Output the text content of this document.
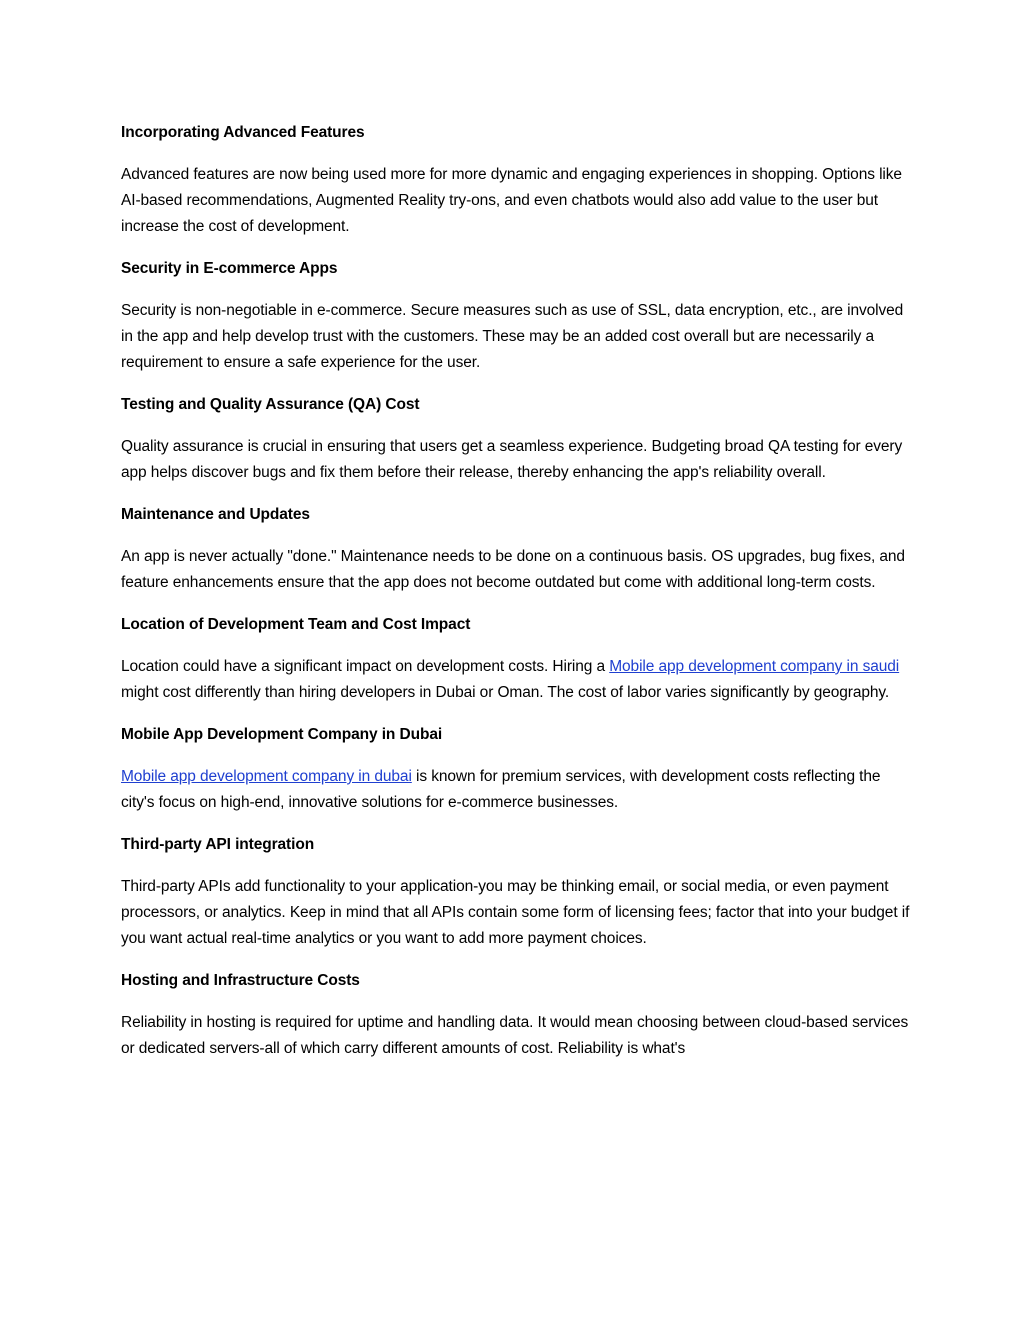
Incorporating Advanced Features

Advanced features are now being used more for more dynamic and engaging experiences in shopping. Options like AI-based recommendations, Augmented Reality try-ons, and even chatbots would also add value to the user but increase the cost of development.

Security in E-commerce Apps

Security is non-negotiable in e-commerce. Secure measures such as use of SSL, data encryption, etc., are involved in the app and help develop trust with the customers. These may be an added cost overall but are necessarily a requirement to ensure a safe experience for the user.

Testing and Quality Assurance (QA) Cost

Quality assurance is crucial in ensuring that users get a seamless experience. Budgeting broad QA testing for every app helps discover bugs and fix them before their release, thereby enhancing the app's reliability overall.

Maintenance and Updates

An app is never actually "done." Maintenance needs to be done on a continuous basis. OS upgrades, bug fixes, and feature enhancements ensure that the app does not become outdated but come with additional long-term costs.

Location of Development Team and Cost Impact

Location could have a significant impact on development costs. Hiring a Mobile app development company in saudi might cost differently than hiring developers in Dubai or Oman. The cost of labor varies significantly by geography.

Mobile App Development Company in Dubai

Mobile app development company in dubai is known for premium services, with development costs reflecting the city's focus on high-end, innovative solutions for e-commerce businesses.

Third-party API integration

Third-party APIs add functionality to your application-you may be thinking email, or social media, or even payment processors, or analytics. Keep in mind that all APIs contain some form of licensing fees; factor that into your budget if you want actual real-time analytics or you want to add more payment choices.

Hosting and Infrastructure Costs

Reliability in hosting is required for uptime and handling data. It would mean choosing between cloud-based services or dedicated servers-all of which carry different amounts of cost. Reliability is what's
